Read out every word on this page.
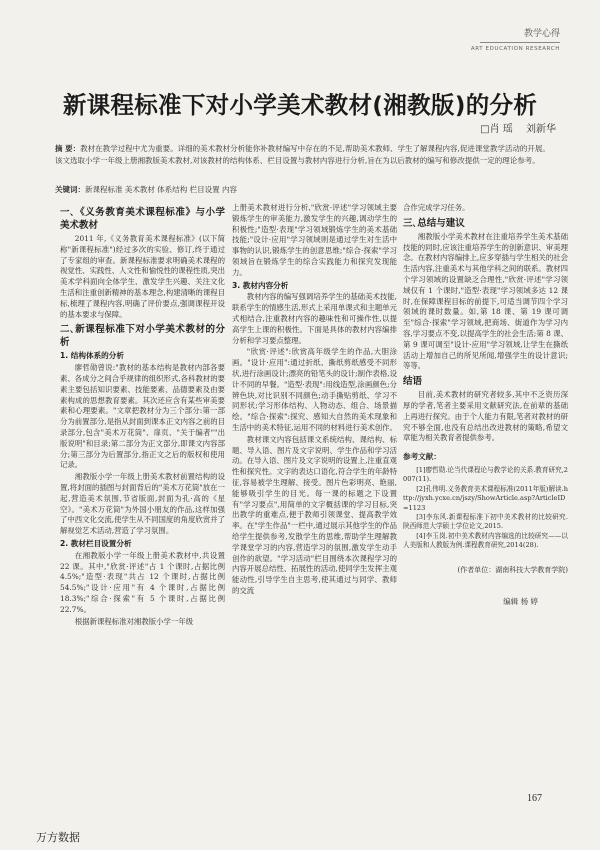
教学心得
ART EDUCATION RESEARCH
新课程标准下对小学美术教材(湘教版)的分析
□肖 瑶 刘新华
摘 要：教材在教学过程中尤为重要。详细的美术教材分析能你补教材编写中存在的不足,帮助美术教师、学生了解课程内容,促进课堂教学活动的开展。该文选取小学一年级上册湘教版美术教材,对该教材的结构体系、栏目设置与教材内容进行分析,旨在为以后教材的编写和修改提供一定的理论参考。
关键词：新课程标准 美术教材 体系结构 栏目设置 内容
一､《义务教育美术课程标准》与小学美术教材

2011 年,《义务教育美术课程标准》(以下简称"新课程标准")经过多次的实验、修订,终于通过了专家组的审查。新课程标准要求明确美术课程的视觉性、实践性、人文性和愉悦性的课程性质,突出美术学科面向全体学生、激发学生兴趣、关注文化生活和注重创新精神的基本理念,构建清晰的课程目标,梳理了课程内容,明确了评价要点,强调课程开设的基本要求与保障。

二､新课程标准下对小学美术教材的分析
1. 结构体系的分析

廖哲勋曾说:"教材的基本结构是教材内部各要素、各成分之间合乎规律的组织形式,各科教材的要素主要包括知识要素、技能要素、品德要素及由要素构成的思想教育要素。其次还应含有某些审美要素和心理要素。"文章把教材分为三个部分:第一部分为前置部分,是指从封面到课本正文内容之前的目录部分,包含"美术万花筒"、扉页、"关于编者""出版说明"和目录;第二部分为正文部分,即课文内容部分;第三部分为后置部分,指正文之后的版权和使用记录。

湘教版小学一年级上册美术教材前置结构的设置,将封面的插图与封面背后的"美术万花筒"放在一起,营造美术氛围,节省版面,封面为孔·高的《星空》。"美术万花筒"为外国小朋友的作品,这样加强了中西文化交流,使学生从不同国度的角度欣赏并了解视觉艺术活动,营造了学习氛围。

2. 教材栏目设置分析

在湘教版小学一年级上册美术教材中,共设置 22 课。其中,"欣赏·评述"占 1 个课时,占据比例 4.5%;"造型·表现"共占 12 个课时,占据比例 54.5%;"设计·应用"有 4 个课时,占据比例 18.3%;"综合·探索"有 5 个课时,占据比例 22.7%。

根据新课程标准对湘教版小学一年级

上册美术教材进行分析,"欣赏·评述"学习领域主要锻炼学生的审美能力,激发学生的兴趣,调动学生的积极性;"造型·表现"学习领域锻炼学生的美术基础技能;"设计·应用"学习领域则是通过学生对生活中事物的认识,锻炼学生的创意思维;"综合·探索"学习领域旨在锻炼学生的综合实践能力和探究发现能力。

3. 教材内容分析

教材内容的编写强调培养学生的基础美术技能,联系学生的情感生活,形式上采用单课式和主题单元式相结合,注重教材内容的趣味性和可操作性,以提高学生上课的积极性。下面是具体的教材内容编排分析和学习要点整理。

"欣赏·评述":欣赏高年级学生的作品,大胆涂画。"设计·应用":通过折纸、撕纸剪纸感受不同形状,进行涂画设计;漂亮的铅笔头的设计;制作表格,设计不同的早餐。"造型·表现":用线造型,涂画颜色;分辨色块,对比识别不同颜色;动手撕贴剪纸、学习不同形状;学习形体结构、人物动态、组合、场景描绘。"综合·探索":探究、感知大自然的美术现象和生活中的美术特征,运用不同的材料进行美术创作。

教材课文内容包括课文系统结构、课结构、标题、导入语、图片及文字说明、学生作品和学习活动。在导入语、图片及文字说明的设置上,注重直观性和探究性。文字的表达口语化,符合学生的年龄特征,容易被学生理解、接受。图片色彩明亮、艳丽,能够吸引学生的目光。每一课的标题之下设置有"学习要点",用简单的文字概括课的学习目标,突出教学的重难点,便于教师引领课堂、提高教学效率。在"学生作品"一栏中,通过展示其他学生的作品给学生提供参考,发散学生的思维,帮助学生理解教学课堂学习的内容,营造学习的氛围,激发学生动手创作的欲望。"学习活动"栏目围绕本次课程学习的内容开展总结性、拓展性的活动,使同学生发挥主观能动性,引导学生自主思考,使其通过与同学、教师的交流

合作完成学习任务。

三､总结与建议

湘教版小学美术教材在注重培养学生美术基础技能的同时,应该注重培养学生的创新意识、审美理念。在教材内容编排上,应多穿插与学生相关的社会生活内容,注重美术与其他学科之间的联系。教材四个学习领域的设置缺乏合理性,"欣赏·评述"学习领域仅有 1 个课时,"造型·表现"学习领域多达 12 课时,在保障课程目标的前提下,可适当调节四个学习领域的课时数量。如,第 18 课、第 19 课可调至"综合·探索"学习领域,把商场、街道作为学习内容,学习要点不变,以提高学生的社会生活;第 8 课、第 9 课可调至"设计·应用"学习领域,让学生在撕纸活动上增加自己的所见所闻,增强学生的设计意识;等等。

结语

目前,美术教材的研究者较多,其中不乏资历深厚的学者,笔者主要采用文献研究法,在前辈的基础上再进行探究。由于个人能力有限,笔者对教材的研究不够全面,也没有总结出改进教材的策略,希望文章能为相关教育者提供参考。

参考文献：

[1]廖哲勋.论当代课程论与教学论的关系.教育研究,2007(11).

[2]孔伟明.义务教育美术课程标准(2011年版)解读.http://jyxh.ycxe.cn/jszy/ShowArticle.asp?ArticleID=1123

[3]李东风.新课程标准下初中美术教材的比较研究.陕西师范大学硕士学位论文,2015.

[4]李玉岗.初中美术教材内容编选的比较研究——以人美版和人教版为例.课程教育研究,2014(28).

(作者单位：湖南科技大学教育学院)
编辑 杨 婷
167
万方数据
